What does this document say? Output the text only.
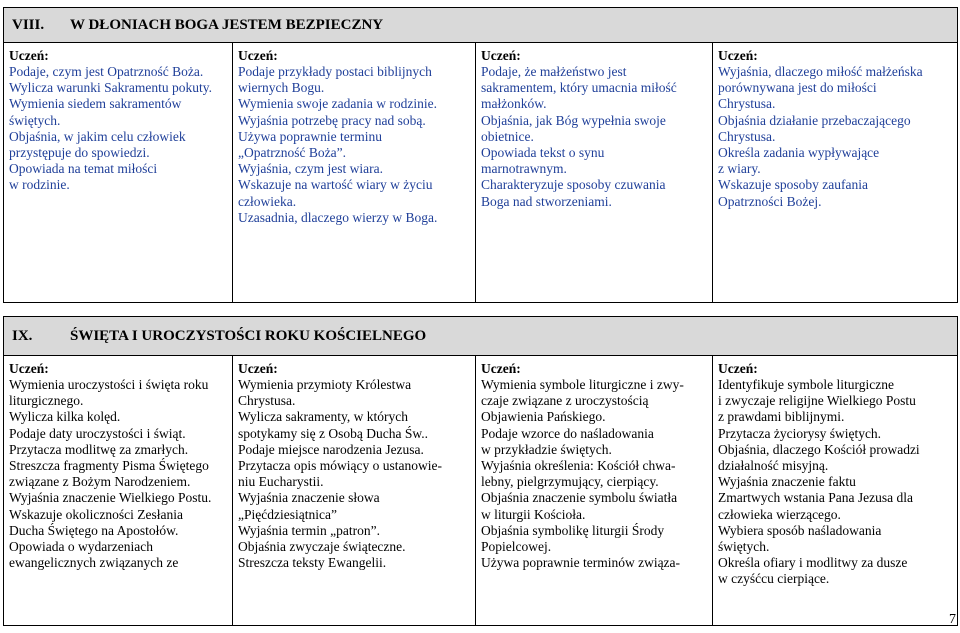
VIII. W DŁONIACH BOGA JESTEM BEZPIECZNY

Uczeń:
Podaje, czym jest Opatrzność Boża.
Wylicza warunki Sakramentu pokuty.
Wymienia siedem sakramentów
świętych.
Objaśnia, w jakim celu człowiek
przystępuje do spowiedzi.
Opowiada na temat miłości
w rodzinie.

Uczeń:
Podaje przykłady postaci biblijnych
wiernych Bogu.
Wymienia swoje zadania w rodzinie.
Wyjaśnia potrzebę pracy nad sobą.
Używa poprawnie terminu
„Opatrzność Boża”.
Wyjaśnia, czym jest wiara.
Wskazuje na wartość wiary w życiu
człowieka.
Uzasadnia, dlaczego wierzy w Boga.

Uczeń:
Podaje, że małżeństwo jest
sakramentem, który umacnia miłość
małżonków.
Objaśnia, jak Bóg wypełnia swoje
obietnice.
Opowiada tekst o synu
marnotrawnym.
Charakteryzuje sposoby czuwania
Boga nad stworzeniami.

Uczeń:
Wyjaśnia, dlaczego miłość małżeńska
porównywana jest do miłości
Chrystusa.
Objaśnia działanie przebaczającego
Chrystusa.
Określa zadania wypływające
z wiary.
Wskazuje sposoby zaufania
Opatrzności Bożej.
IX.	ŚWIĘTA I UROCZYSTOŚCI ROKU KOŚCIELNEGO

Uczeń:
Wymienia uroczystości i święta roku
liturgicznego.
Wylicza kilka kolęd.
Podaje daty uroczystości i świąt.
Przytacza modlitwę za zmarłych.
Streszcza fragmenty Pisma Świętego
związane z Bożym Narodzeniem.
Wyjaśnia znaczenie Wielkiego Postu.
Wskazuje okoliczności Zesłania
Ducha Świętego na Apostołów.
Opowiada o wydarzeniach
ewangelicznych związanych ze

Uczeń:
Wymienia przymioty Królestwa
Chrystusa.
Wylicza sakramenty, w których
spotykamy się z Osobą Ducha Św..
Podaje miejsce narodzenia Jezusa.
Przytacza opis mówiący o ustanowie-
niu Eucharystii.
Wyjaśnia znaczenie słowa
„Pięćdziesiątnica”
Wyjaśnia termin „patron”.
Objaśnia zwyczaje świąteczne.
Streszcza teksty Ewangelii.

Uczeń:
Wymienia symbole liturgiczne i zwy-
czaje związane z uroczystością
Objawienia Pańskiego.
Podaje wzorce do naśladowania
w przykładzie świętych.
Wyjaśnia określenia: Kościół chwa-
lebny, pielgrzymujący, cierpiący.
Objaśnia znaczenie symbolu światła
w liturgii Kościoła.
Objaśnia symbolikę liturgii Środy
Popielcowej.
Używa poprawnie terminów związa-

Uczeń:
Identyfikuje symbole liturgiczne
i zwyczaje religijne Wielkiego Postu
z prawdami biblijnymi.
Przytacza życiorysy świętych.
Objaśnia, dlaczego Kościół prowadzi
działalność misyjną.
Wyjaśnia znaczenie faktu
Zmartwych wstania Pana Jezusa dla
człowieka wierzącego.
Wybiera sposób naśladowania
świętych.
Określa ofiary i modlitwy za dusze
w czyśćcu cierpiące.
7
